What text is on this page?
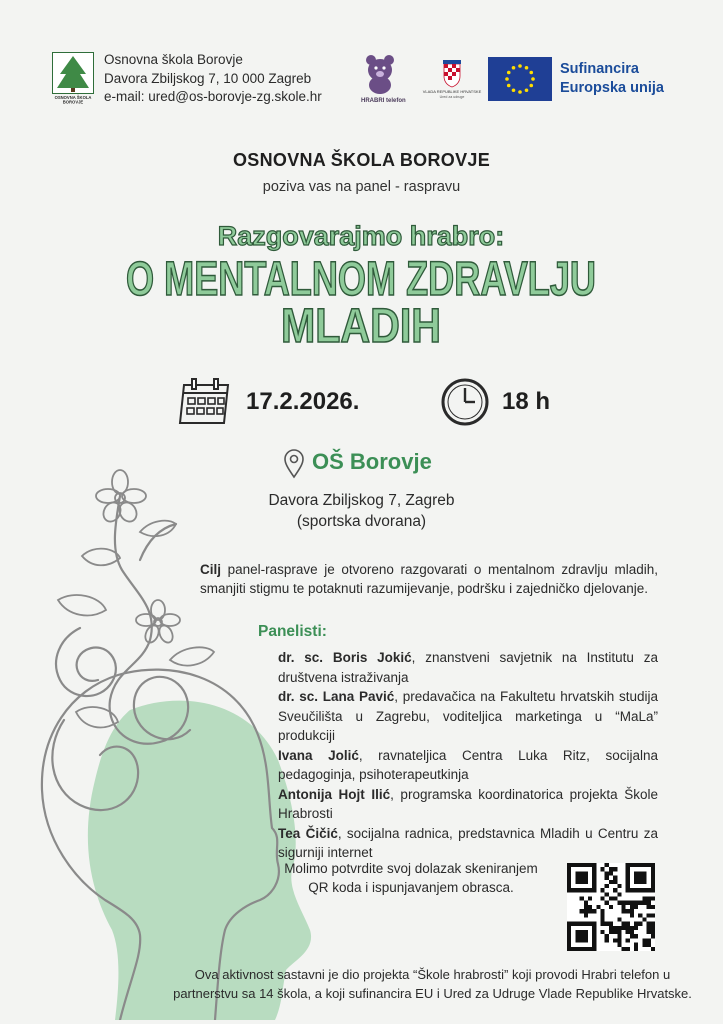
OSNOVNA ŠKOLA
BOROVJE
Osnovna škola Borovje
Davora Zbiljskog 7, 10 000 Zagreb
e-mail: ured@os-borovje-zg.skole.hr	HRABRI telefon
VLADA REPUBLIKE HRVATSKE
Ured za udruge
Sufinancira
Europska unija
OSNOVNA ŠKOLA BOROVJE
poziva vas na panel - raspravu
Razgovarajmo hrabro:
O MENTALNOM ZDRAVLJU
MLADIH
17.2.2026.	18 h
OŠ Borovje
Davora Zbiljskog 7, Zagreb
(sportska dvorana)
Cilj panel-rasprave je otvoreno razgovarati o mentalnom zdravlju mladih, smanjiti stigmu te potaknuti razumijevanje, podršku i zajedničko djelovanje.
Panelisti:

dr. sc. Boris Jokić, znanstveni savjetnik na Institutu za društvena istraživanja

dr. sc. Lana Pavić, predavačica na Fakultetu hrvatskih studija Sveučilišta u Zagrebu, voditeljica marketinga u “MaLa” produkciji

Ivana Jolić, ravnateljica Centra Luka Ritz, socijalna pedagoginja, psihoterapeutkinja

Antonija Hojt Ilić, programska koordinatorica projekta Škole Hrabrosti

Tea Čičić, socijalna radnica, predstavnica Mladih u Centru za sigurniji internet

Molimo potvrdite svoj dolazak skeniranjem QR koda i ispunjavanjem obrasca.
Ova aktivnost sastavni je dio projekta “Škole hrabrosti” koji provodi Hrabri telefon u partnerstvu sa 14 škola, a koji sufinancira EU i Ured za Udruge Vlade Republike Hrvatske.
